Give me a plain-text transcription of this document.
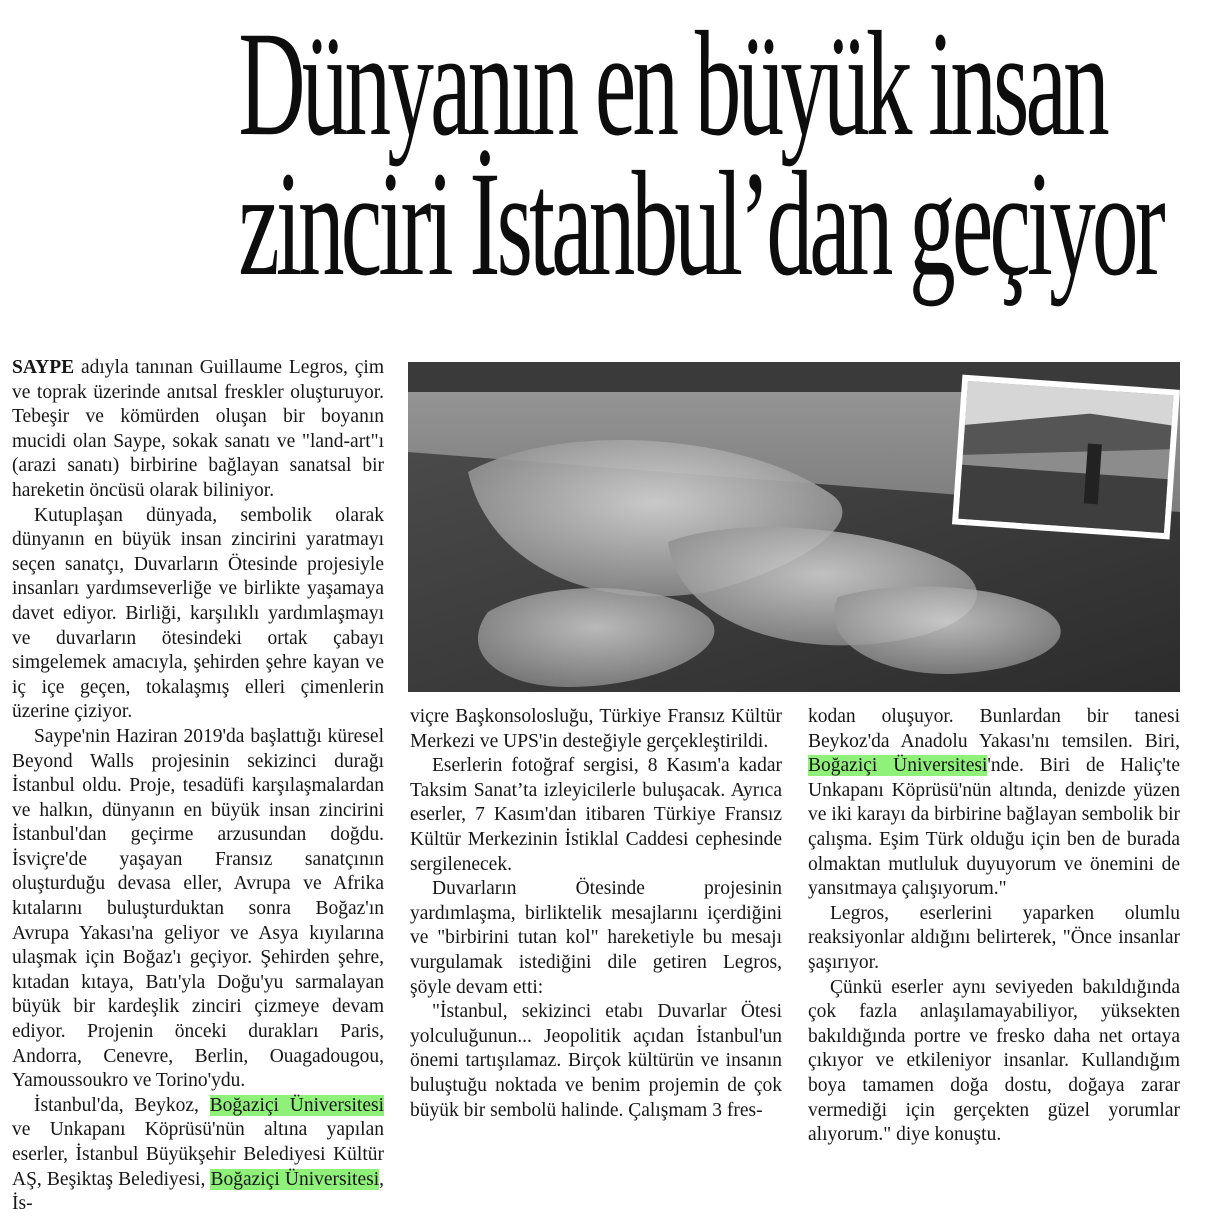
Dünyanın en büyük insan
zinciri İstanbul’dan geçiyor

SAYPE adıyla tanınan Guillaume Legros, çim ve toprak üzerinde anıtsal freskler oluşturuyor. Tebeşir ve kömürden oluşan bir boyanın mucidi olan Saype, sokak sanatı ve "land-art"ı (arazi sanatı) birbirine bağlayan sanatsal bir hareketin öncüsü olarak biliniyor.

Kutuplaşan dünyada, sembolik olarak dünyanın en büyük insan zincirini yaratmayı seçen sanatçı, Duvarların Ötesinde projesiyle insanları yardımseverliğe ve birlikte yaşamaya davet ediyor. Birliği, karşılıklı yardımlaşmayı ve duvarların ötesindeki ortak çabayı simgelemek amacıyla, şehirden şehre kayan ve iç içe geçen, tokalaşmış elleri çimenlerin üzerine çiziyor.

Saype'nin Haziran 2019'da başlattığı küresel Beyond Walls projesinin sekizinci durağı İstanbul oldu. Proje, tesadüfi karşılaşmalardan ve halkın, dünyanın en büyük insan zincirini İstanbul'dan geçirme arzusundan doğdu. İsviçre'de yaşayan Fransız sanatçının oluşturduğu devasa eller, Avrupa ve Afrika kıtalarını buluşturduktan sonra Boğaz'ın Avrupa Yakası'na geliyor ve Asya kıyılarına ulaşmak için Boğaz'ı geçiyor. Şehirden şehre, kıtadan kıtaya, Batı'yla Doğu'yu sarmalayan büyük bir kardeşlik zinciri çizmeye devam ediyor. Projenin önceki durakları Paris, Andorra, Cenevre, Berlin, Ouagadougou, Yamoussoukro ve Torino'ydu.

İstanbul'da, Beykoz, Boğaziçi Üniversitesi ve Unkapanı Köprüsü'nün altına yapılan eserler, İstanbul Büyükşehir Belediyesi Kültür AŞ, Beşiktaş Belediyesi, Boğaziçi Üniversitesi, İs-

viçre Başkonsolosluğu, Türkiye Fransız Kültür Merkezi ve UPS'in desteğiyle gerçekleştirildi.

Eserlerin fotoğraf sergisi, 8 Kasım'a kadar Taksim Sanat’ta izleyicilerle buluşacak. Ayrıca eserler, 7 Kasım'dan itibaren Türkiye Fransız Kültür Merkezinin İstiklal Caddesi cephesinde sergilenecek.

Duvarların Ötesinde projesinin yardımlaşma, birliktelik mesajlarını içerdiğini ve "birbirini tutan kol" hareketiyle bu mesajı vurgulamak istediğini dile getiren Legros, şöyle devam etti:

"İstanbul, sekizinci etabı Duvarlar Ötesi yolculuğunun... Jeopolitik açıdan İstanbul'un önemi tartışılamaz. Birçok kültürün ve insanın buluştuğu noktada ve benim projemin de çok büyük bir sembolü halinde. Çalışmam 3 fres-

kodan oluşuyor. Bunlardan bir tanesi Beykoz'da Anadolu Yakası'nı temsilen. Biri, Boğaziçi Üniversitesi'nde. Biri de Haliç'te Unkapanı Köprüsü'nün altında, denizde yüzen ve iki karayı da birbirine bağlayan sembolik bir çalışma. Eşim Türk olduğu için ben de burada olmaktan mutluluk duyuyorum ve önemini de yansıtmaya çalışıyorum."

Legros, eserlerini yaparken olumlu reaksiyonlar aldığını belirterek, "Önce insanlar şaşırıyor.

Çünkü eserler aynı seviyeden bakıldığında çok fazla anlaşılamayabiliyor, yüksekten bakıldığında portre ve fresko daha net ortaya çıkıyor ve etkileniyor insanlar. Kullandığım boya tamamen doğa dostu, doğaya zarar vermediği için gerçekten güzel yorumlar alıyorum." diye konuştu.
